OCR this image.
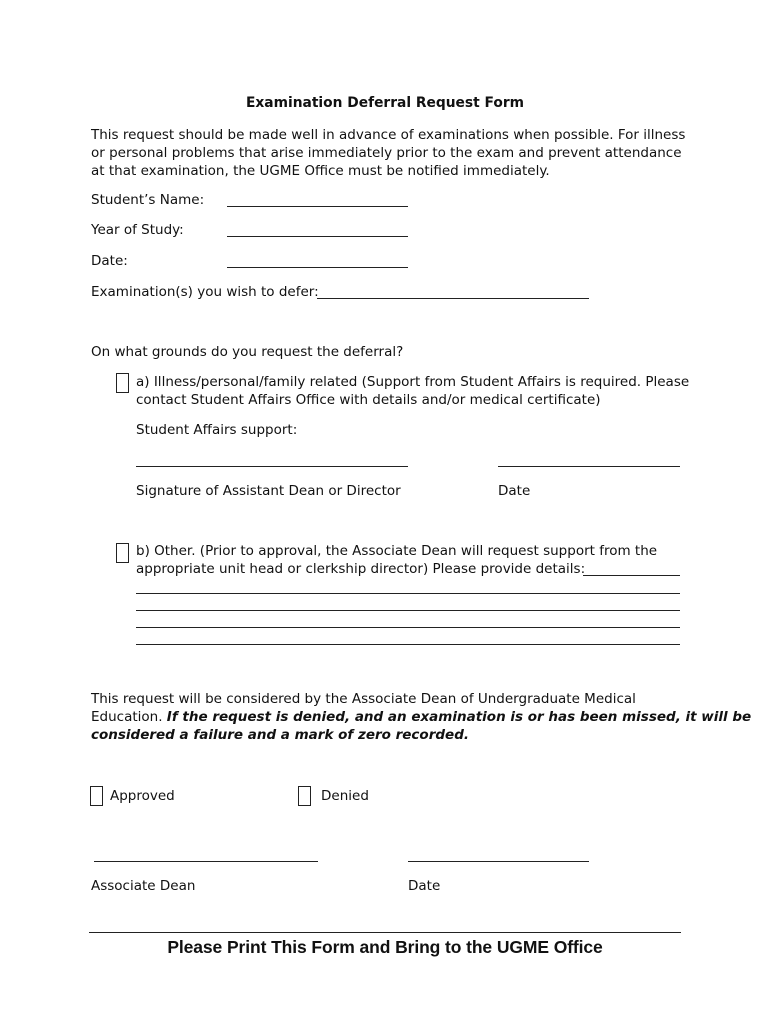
Examination Deferral Request Form
This request should be made well in advance of examinations when possible. For illness
or personal problems that arise immediately prior to the exam and prevent attendance
at that examination, the UGME Office must be notified immediately.
Student’s Name:
Year of Study:
Date:
Examination(s) you wish to defer:
On what grounds do you request the deferral?
a) Illness/personal/family related (Support from Student Affairs is required. Please
contact Student Affairs Office with details and/or medical certificate)
Student Affairs support:
Signature of Assistant Dean or Director	Date
b) Other. (Prior to approval, the Associate Dean will request support from the
appropriate unit head or clerkship director) Please provide details:
This request will be considered by the Associate Dean of Undergraduate Medical
Education. If the request is denied, and an examination is or has been missed, it will be
considered a failure and a mark of zero recorded.
Approved	Denied
Associate Dean	Date
Please Print This Form and Bring to the UGME Office
